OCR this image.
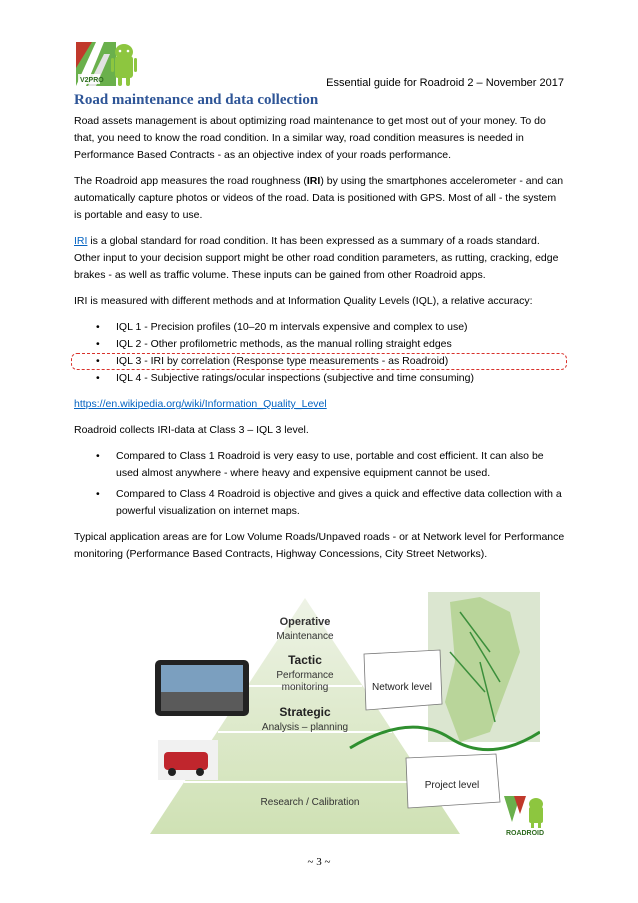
V2PRO	Essential guide for Roadroid 2 – November 2017
Road maintenance and data collection

Road assets management is about optimizing road maintenance to get most out of your money. To do that, you need to know the road condition. In a similar way, road condition measures is needed in Performance Based Contracts - as an objective index of your roads performance.

The Roadroid app measures the road roughness (IRI) by using the smartphones accelerometer - and can automatically capture photos or videos of the road. Data is positioned with GPS. Most of all - the system is portable and easy to use.

IRI is a global standard for road condition. It has been expressed as a summary of a roads standard. Other input to your decision support might be other road condition parameters, as rutting, cracking, edge brakes - as well as traffic volume. These inputs can be gained from other Roadroid apps.

IRI is measured with different methods and at Information Quality Levels (IQL), a relative accuracy:

• IQL 1 - Precision profiles (10–20 m intervals expensive and complex to use)
• IQL 2 - Other profilometric methods, as the manual rolling straight edges
• IQL 3 - IRI by correlation (Response type measurements - as Roadroid)
• IQL 4 - Subjective ratings/ocular inspections (subjective and time consuming)

https://en.wikipedia.org/wiki/Information_Quality_Level

Roadroid collects IRI-data at Class 3 – IQL 3 level.

• Compared to Class 1 Roadroid is very easy to use, portable and cost efficient. It can also be used almost anywhere - where heavy and expensive equipment cannot be used.
• Compared to Class 4 Roadroid is objective and gives a quick and effective data collection with a powerful visualization on internet maps.

Typical application areas are for Low Volume Roads/Unpaved roads - or at Network level for Performance monitoring (Performance Based Contracts, Highway Concessions, City Street Networks).

Operative
Maintenance
Tactic
Performance
monitoring
Strategic
Analysis – planning
Research / Calibration
Network level
Project level
ROADROID
~ 3 ~
